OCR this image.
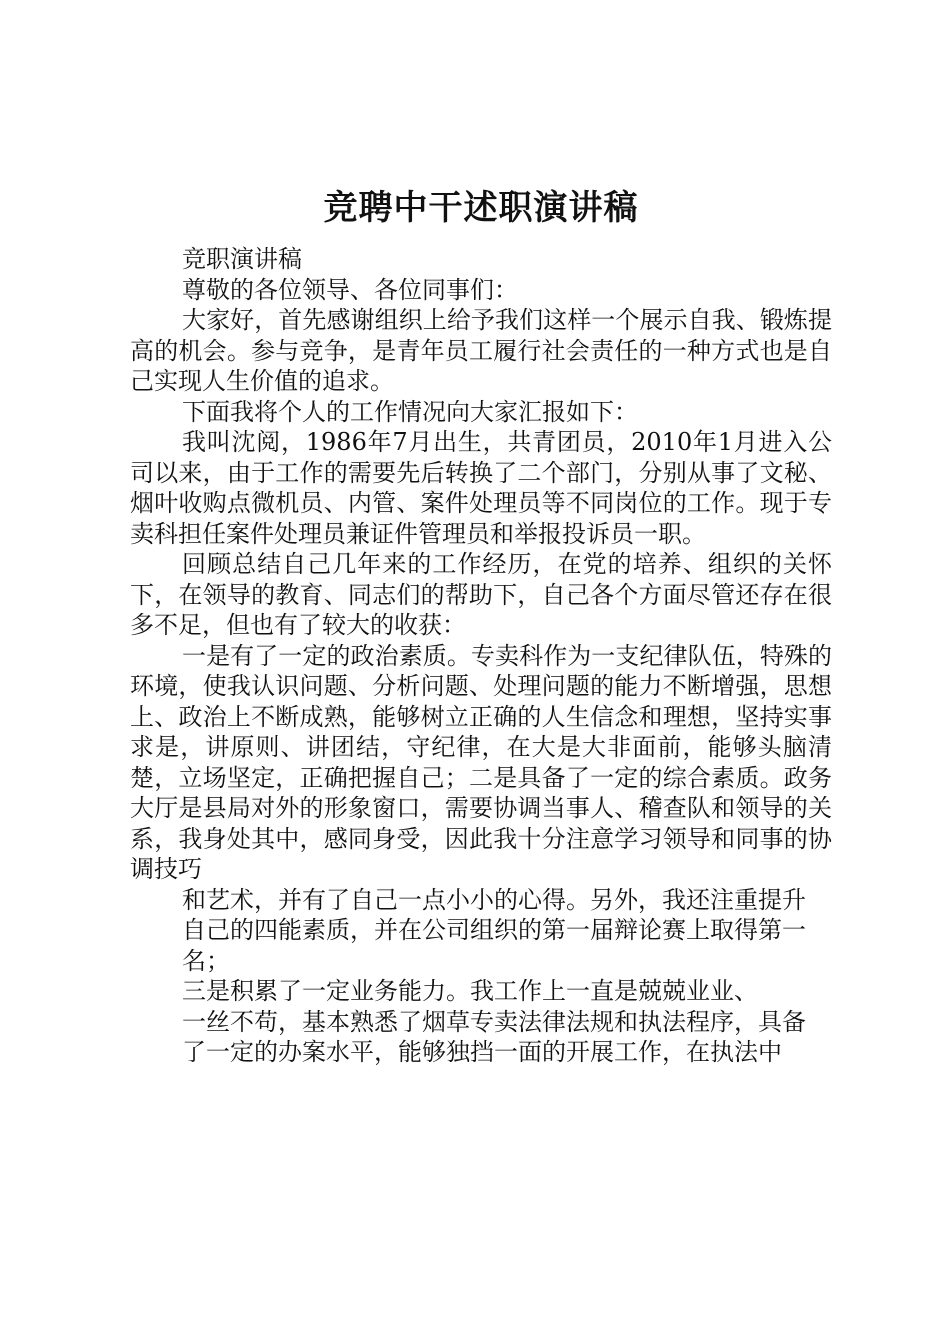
竞聘中干述职演讲稿

竞职演讲稿

尊敬的各位领导、各位同事们：

大家好，首先感谢组织上给予我们这样一个展示自我、锻炼提高的机会。参与竞争，是青年员工履行社会责任的一种方式也是自己实现人生价值的追求。

下面我将个人的工作情况向大家汇报如下：

我叫沈阅，1986年7月出生，共青团员，2010年1月进入公司以来，由于工作的需要先后转换了二个部门，分别从事了文秘、烟叶收购点微机员、内管、案件处理员等不同岗位的工作。现于专卖科担任案件处理员兼证件管理员和举报投诉员一职。

回顾总结自己几年来的工作经历，在党的培养、组织的关怀下，在领导的教育、同志们的帮助下，自己各个方面尽管还存在很多不足，但也有了较大的收获：

一是有了一定的政治素质。专卖科作为一支纪律队伍，特殊的环境，使我认识问题、分析问题、处理问题的能力不断增强，思想上、政治上不断成熟，能够树立正确的人生信念和理想，坚持实事求是，讲原则、讲团结，守纪律，在大是大非面前，能够头脑清楚，立场坚定，正确把握自己；二是具备了一定的综合素质。政务大厅是县局对外的形象窗口，需要协调当事人、稽查队和领导的关系，我身处其中，感同身受，因此我十分注意学习领导和同事的协调技巧

和艺术，并有了自己一点小小的心得。另外，我还注重提升

自己的四能素质，并在公司组织的第一届辩论赛上取得第一

名；

三是积累了一定业务能力。我工作上一直是兢兢业业、

一丝不苟，基本熟悉了烟草专卖法律法规和执法程序，具备

了一定的办案水平，能够独挡一面的开展工作，在执法中
